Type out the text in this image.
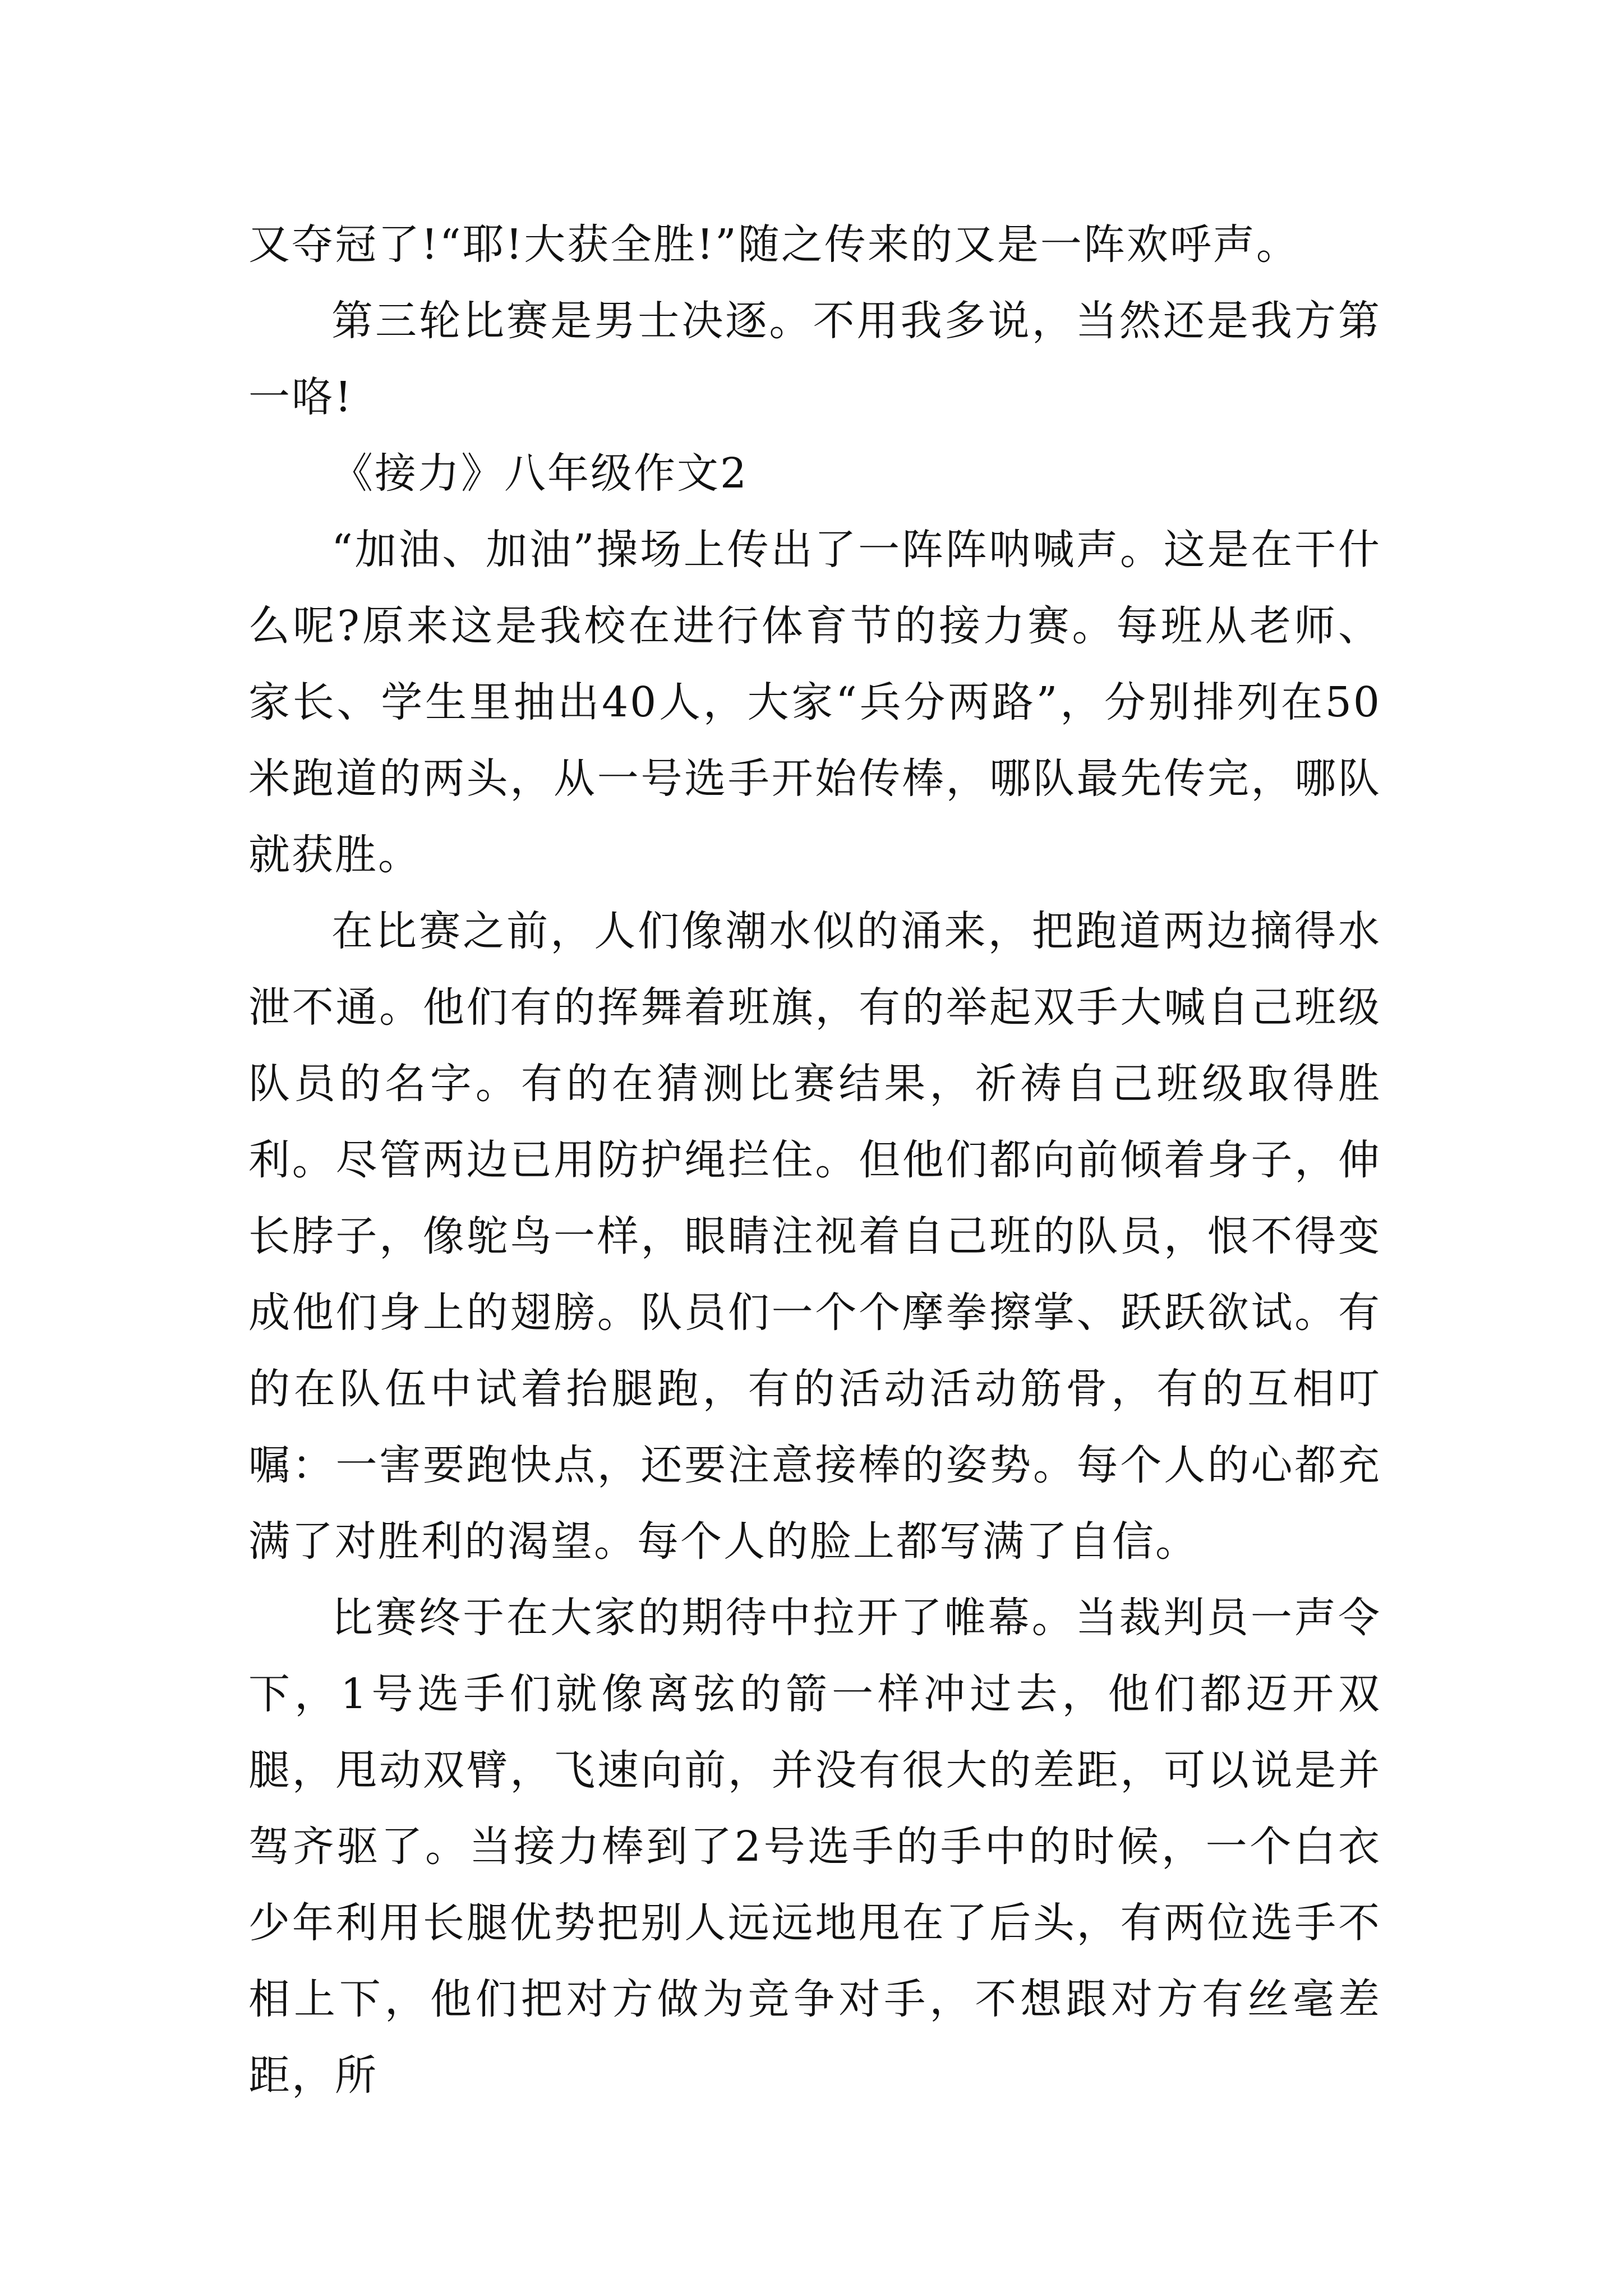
又夺冠了!“耶!大获全胜!”随之传来的又是一阵欢呼声。

第三轮比赛是男士决逐。不用我多说，当然还是我方第一咯!

《接力》八年级作文2

“加油、加油”操场上传出了一阵阵呐喊声。这是在干什么呢?原来这是我校在进行体育节的接力赛。每班从老师、家长、学生里抽出40人，大家“兵分两路”，分别排列在50米跑道的两头，从一号选手开始传棒，哪队最先传完，哪队就获胜。

在比赛之前，人们像潮水似的涌来，把跑道两边摘得水泄不通。他们有的挥舞着班旗，有的举起双手大喊自己班级队员的名字。有的在猜测比赛结果，祈祷自己班级取得胜利。尽管两边已用防护绳拦住。但他们都向前倾着身子，伸长脖子，像鸵鸟一样，眼睛注视着自己班的队员，恨不得变成他们身上的翅膀。队员们一个个摩拳擦掌、跃跃欲试。有的在队伍中试着抬腿跑，有的活动活动筋骨，有的互相叮嘱：一害要跑快点，还要注意接棒的姿势。每个人的心都充满了对胜利的渴望。每个人的脸上都写满了自信。

比赛终于在大家的期待中拉开了帷幕。当裁判员一声令下，1号选手们就像离弦的箭一样冲过去，他们都迈开双腿，甩动双臂，飞速向前，并没有很大的差距，可以说是并驾齐驱了。当接力棒到了2号选手的手中的时候，一个白衣少年利用长腿优势把别人远远地甩在了后头，有两位选手不相上下，他们把对方做为竞争对手，不想跟对方有丝毫差距，所
